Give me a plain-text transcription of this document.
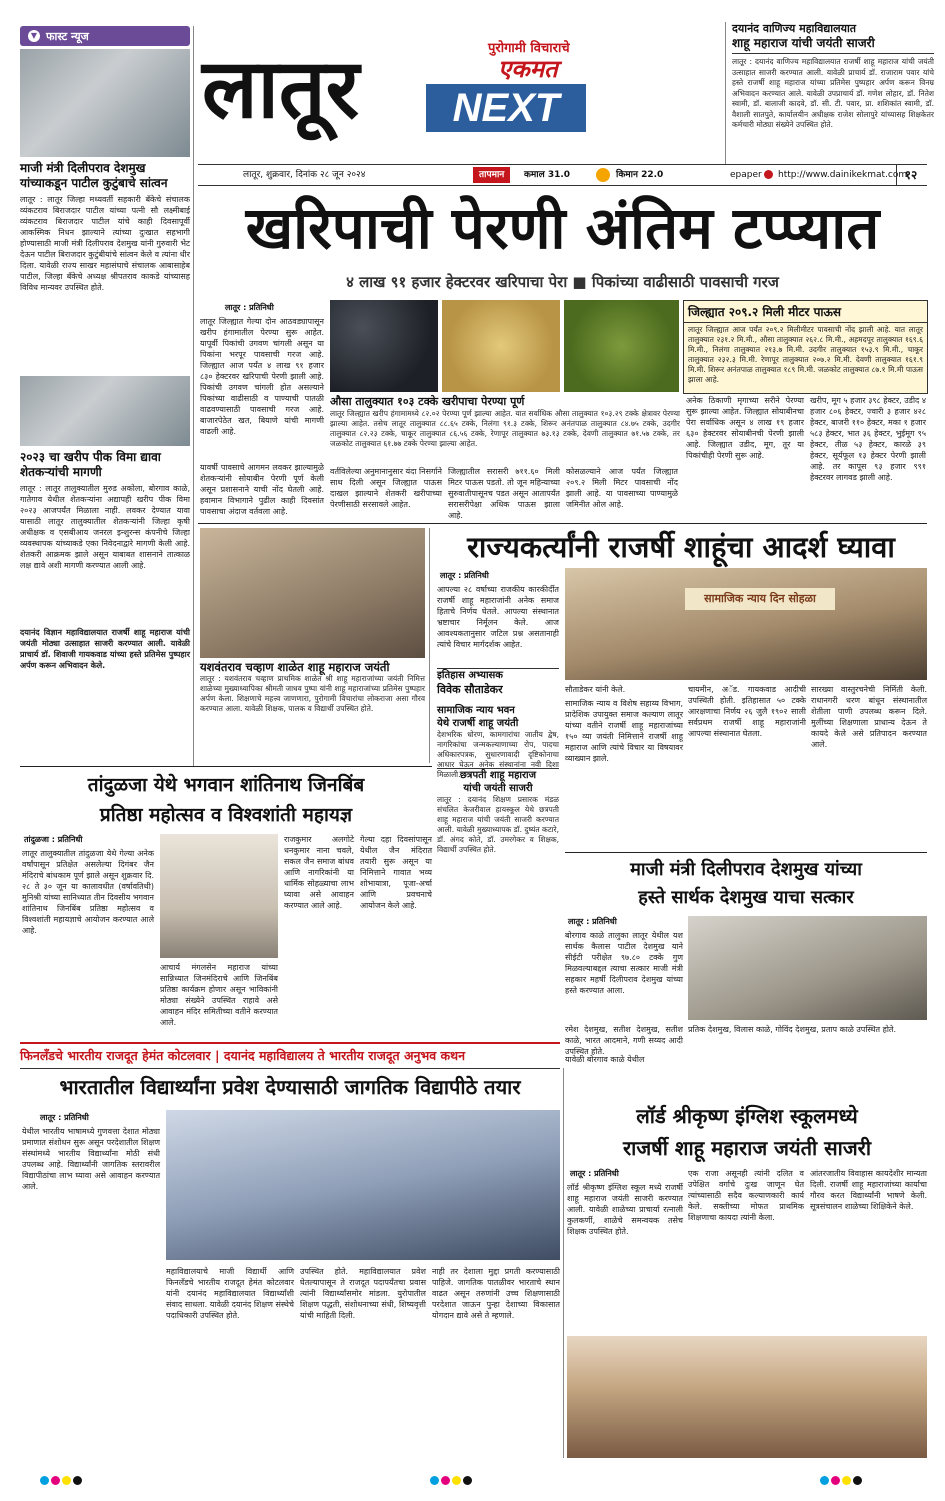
▼ फास्ट न्यूज
माजी मंत्री दिलीपराव देशमुख यांच्याकडून पाटील कुटुंबाचे सांत्वन
लातूर : लातूर जिल्हा मध्यवर्ती सहकारी बँकेचे संचालक व्यंकटराव बिराजदार पाटील यांच्या पत्नी सौ लक्ष्मीबाई व्यंकटराव बिराजदार पाटील यांचे काही दिवसापूर्वी आकस्मिक निधन झाल्याने त्यांच्या दुःखात सहभागी होण्यासाठी माजी मंत्री दिलीपराव देशमुख यांनी गुरुवारी भेट देऊन पाटील बिराजदार कुटुंबीयांचे सांत्वन केले व त्यांना धीर दिला. यावेळी राज्य साखर महासंघाचे संचालक आबासाहेब पाटील, जिल्हा बँकेचे अध्यक्ष श्रीपतराव काकडे यांच्यासह विविध मान्यवर उपस्थित होते.
२०२३ चा खरीप पीक विमा द्यावा शेतकऱ्यांची मागणी
लातूर : लातूर तालुक्यातील मुरुड अकोला, बोरगाव काळे, गातेगाव येथील शेतकऱ्यांना अद्यापही खरीप पीक विमा २०२३ आजपर्यंत मिळाला नाही. लवकर देण्यात यावा यासाठी लातूर तालुक्यातील शेतकऱ्यांनी जिल्हा कृषी अधीक्षक व एसबीआय जनरल इन्शुरन्स कंपनीचे जिल्हा व्यवस्थापक यांच्याकडे एका निवेदनाद्वारे मागणी केली आहे. शेतकरी आक्रमक झाले असून याबाबत शासनाने तात्काळ लक्ष द्यावे अशी मागणी करण्यात आली आहे.
दयानंद विज्ञान महाविद्यालयात राजर्षी शाहू महाराज यांची जयंती मोठ्या उत्साहात साजरी करण्यात आली. यावेळी प्राचार्य डॉ. शिवाजी गायकवाड यांच्या हस्ते प्रतिमेस पुष्पहार अर्पण करून अभिवादन केले.
लातूर	NEXT
पुरोगामी विचाराचे
एकमत
दयानंद वाणिज्य महाविद्यालयात
शाहू महाराज यांची जयंती साजरी
लातूर : दयानंद वाणिज्य महाविद्यालयात राजर्षी शाहू महाराज यांची जयंती उत्साहात साजरी करण्यात आली. यावेळी प्राचार्य डॉ. राजाराम पवार यांचे हस्ते राजर्षी शाहू महाराज यांच्या प्रतिमेस पुष्पहार अर्पण करून विनम्र अभिवादन करण्यात आले. यावेळी उपप्राचार्य डॉ. गणेश लोहार, डॉ. नितेश स्वामी, डॉ. बालाजी कादवे, डॉ. सी. टी. पवार, प्रा. शशिकांत स्वामी, डॉ. वैशाली सातपुते, कार्यालयीन अधीक्षक राजेश सोलापुरे यांच्यासह शिक्षकेतर कर्मचारी मोठ्या संख्येने उपस्थित होते.
लातूर, शुक्रवार, दिनांक २८ जून २०२४	तापमान	कमाल 31.0	किमान 22.0	epaper http://www.dainikekmat.com
१२
खरिपाची पेरणी अंतिम टप्प्यात
४ लाख ९१ हजार हेक्टरवर खरिपाचा पेरा ■ पिकांच्या वाढीसाठी पावसाची गरज
जिल्ह्यात २०९.२ मिली मीटर पाऊस
लातूर जिल्ह्यात आज पर्यंत २०९.२ मिलीमीटर पावसाची नोंद झाली आहे. यात लातूर तालुक्यात २३१.२ मि.मी., औसा तालुक्यात २६२.८ मि.मी., अहमदपूर तालुक्यात १६९.६ मि.मी., निलंगा तालुक्यात २१३.७ मि.मी. उदगीर तालुक्यात १५३.९ मि.मी., चाकूर तालुक्यात २३२.३ मि.मी. रेणापूर तालुक्यात २०७.२ मि.मी. देवणी तालुक्यात १६१.९ मि.मी. शिरूर अनंतपाळ तालुक्यात १८९ मि.मी. जळकोट तालुक्यात ८७.१ मि.मी पाऊस झाला आहे.
लातूर : प्रतिनिधी
लातूर जिल्ह्यात गेल्या दोन आठवड्यापासून खरीप हंगामातील पेरण्या सुरू आहेत. यापूर्वी पिकांची उगवण चांगली असून या पिकांना भरपूर पावसाची गरज आहे. जिल्ह्यात आज पर्यंत ४ लाख ९१ हजार ८३० हेक्टरवर खरिपाची पेरणी झाली आहे. पिकांची उगवण चांगली होत असल्याने पिकांच्या वाढीसाठी व पाण्याची पातळी वाढवण्यासाठी पावसाची गरज आहे. बाजारपेठेत खत, बियाणे यांची मागणी वाढली आहे.
यावर्षी पावसाचे आगमन लवकर झाल्यामुळे शेतकऱ्यांनी सोयाबीन पेरणी पूर्ण केली असून प्रशासनाने याची नोंद घेतली आहे. हवामान विभागाने पुढील काही दिवसांत पावसाचा अंदाज वर्तवला आहे.
औसा तालुक्यात १०३ टक्के खरीपाचा पेरण्या पूर्ण
लातूर जिल्ह्यात खरीप हंगामामध्ये ८२.०२ पेरण्या पूर्ण झाल्या आहेत. यात सर्वाधिक औसा तालुक्यात १०३.२९ टक्के क्षेत्रावर पेरण्या झाल्या आहेत. तसेच लातूर तालुक्यात ८८.६५ टक्के, निलंगा ९१.३ टक्के, शिरूर अनंतपाळ तालुक्यात ८४.७५ टक्के, उदगीर तालुक्यात ८२.२३ टक्के, चाकूर तालुक्यात ८६.५६ टक्के, रेणापूर तालुक्यात ७३.१३ टक्के, देवणी तालुक्यात ७१.५७ टक्के, तर जळकोट तालुक्यात ६१.७७ टक्के पेरण्या झाल्या आहेत.
वर्तविलेल्या अनुमानानुसार यंदा निसर्गाने साथ दिली असून जिल्ह्यात पाऊस दाखल झाल्याने शेतकरी खरीपाच्या पेरणीसाठी सरसावले आहेत.
जिल्ह्यातील सरासरी ७११.६० मिली मिटर पाऊस पडतो. तो जून महिन्याच्या सुरुवातीपासूनच पडत असून आतापर्यंत सरासरीपेक्षा अधिक पाऊस झाला आहे.
कोसळल्याने आज पर्यंत जिल्ह्यात २०९.२ मिली मिटर पावसाची नोंद झाली आहे. या पावसाच्या पाण्यामुळे जमिनीत ओल आहे.
अनेक ठिकाणी मृगाच्या सरीने पेरण्या सुरू झाल्या आहेत. जिल्ह्यात सोयाबीनचा पेरा सर्वाधिक असून ४ लाख १९ हजार ६३० हेक्टरवर सोयाबीनची पेरणी झाली आहे. जिल्ह्यात उडीद, मूग, तूर या पिकांचीही पेरणी सुरू आहे.
खरीप, मूग ५ हजार ३९८ हेक्टर, उडीद ४ हजार ८०६ हेक्टर, ज्वारी ३ हजार ४२८ हेक्टर, बाजरी ११० हेक्टर, मका १ हजार ५८३ हेक्टर, भात ३६ हेक्टर, भुईमूग ९५ हेक्टर, तीळ ५३ हेक्टर, कारळे ३९ हेक्टर, सूर्यफूल १३ हेक्टर पेरणी झाली आहे. तर कापूस ९३ हजार ९९१ हेक्टरवर लागवड झाली आहे.
यशवंतराव चव्हाण शाळेत शाहू महाराज जयंती
लातूर : यशवंतराव चव्हाण प्राथमिक शाळेत श्री शाहू महाराजांच्या जयंती निमित्त शाळेच्या मुख्याध्यापिका श्रीमती जाधव पुष्पा यांनी शाहू महाराजांच्या प्रतिमेस पुष्पहार अर्पण केला. शिक्षणाचे महत्त्व जाणणारा, पुरोगामी विचारांचा लोकराजा असा गौरव करण्यात आला. यावेळी शिक्षक, पालक व विद्यार्थी उपस्थित होते.
राज्यकर्त्यांनी राजर्षी शाहूंचा आदर्श घ्यावा
लातूर : प्रतिनिधी
आपल्या २८ वर्षाच्या राजकीय कारकीर्दीत राजर्षी शाहू महाराजांनी अनेक समाज हिताचे निर्णय घेतले. आपल्या संस्थानात भ्रष्टाचार निर्मूलन केले. आज आवश्यकतानुसार जटिल प्रश्न असतानाही त्यांचे विचार मार्गदर्शक आहेत.
इतिहास अभ्यासक
विवेक सौताडेकर
सामाजिक न्याय भवन
येथे राजर्षी शाहू जयंती
देशभरिक धोरण, कामगारांचा जातीय द्वेष, नागरिकांचा जन्मकल्याणाच्या रोप, पादचा अधिकारपत्रक, सुधारणावादी दृष्टिकोनाचा आधार घेऊन अनेक संस्थानांना नवी दिशा मिळाली.
सामाजिक न्याय दिन सोहळा
सौताडेकर यांनी केले.
सामाजिक न्याय व विशेष सहाय्य विभाग, प्रादेशिक उपायुक्त समाज कल्याण लातूर यांच्या वतीने राजर्षी शाहू महाराजांच्या १५० व्या जयंती निमित्ताने राजर्षी शाहू महाराज आणि त्यांचे विचार या विषयावर व्याख्यान झाले.
चायमीन, अॅड. गायकवाड आदीची उपस्थिती होती. इतिहासात ५० टक्के आरक्षणाचा निर्णय २६ जुलै १९०२ साली सर्वप्रथम राजर्षी शाहू महाराजांनी आपल्या संस्थानात घेतला.
सारख्या वास्तुरचनेची निर्मिती केली. राधानगरी धरण बांधून संस्थानातील शेतीला पाणी उपलब्ध करून दिले. मुलींच्या शिक्षणाला प्राधान्य देऊन ते कायदे केले असे प्रतिपादन करण्यात आले.
छत्रपती शाहू महाराज
यांची जयंती साजरी
लातूर : दयानंद शिक्षण प्रसारक मंडळ संचलित केजरीवाल हायस्कूल येथे छत्रपती शाहू महाराज यांची जयंती साजरी करण्यात आली. यावेळी मुख्याध्यापक डॉ. दुष्यंत कटारे, डॉ. अंगद कोते, डॉ. उमरगेकर व शिक्षक, विद्यार्थी उपस्थित होते.
तांदुळजा येथे भगवान शांतिनाथ जिनबिंब
प्रतिष्ठा महोत्सव व विश्वशांती महायज्ञ
तांदुळजा : प्रतिनिधी
लातूर तालुक्यातील तांदुळजा येथे गेल्या अनेक वर्षांपासून प्रतिक्षेत असलेल्या दिगंबर जैन मंदिराचे बांधकाम पूर्ण झाले असून शुक्रवार दि. २८ ते ३० जून या कालावधीत (वर्षावतिथी) मुनिश्री यांच्या सानिध्यात तीन दिवसीय भगवान शांतिनाथ जिनबिंब प्रतिष्ठा महोत्सव व विश्वशांती महायज्ञाचे आयोजन करण्यात आले आहे.
आचार्य मंगलसेन महाराज यांच्या सान्निध्यात जिनमंदिराचे आणि जिनबिंब प्रतिष्ठा कार्यक्रम होणार असून भाविकांनी मोठ्या संख्येने उपस्थित राहावे असे आवाहन मंदिर समितीच्या वतीने करण्यात आले.
राजकुमार अलगोटे धनकुमार नाना चवले, सकल जैन समाज बांधव आणि नागरिकांनी या धार्मिक सोहळ्याचा लाभ घ्यावा असे आवाहन करण्यात आले आहे.
गेल्या दहा दिवसांपासून येथील जैन मंदिरात तयारी सुरू असून या निमित्ताने गावात भव्य शोभायात्रा, पूजा-अर्चा आणि प्रवचनाचे आयोजन केले आहे.
माजी मंत्री दिलीपराव देशमुख यांच्या
हस्ते सार्थक देशमुख याचा सत्कार
लातूर : प्रतिनिधी
बोरगाव काळे तालुका लातूर येथील यश सार्थक कैलास पाटील देशमुख याने सीईटी परीक्षेत ९७.८० टक्के गुण मिळवल्याबद्दल त्याचा सत्कार माजी मंत्री सहकार महर्षी दिलीपराव देशमुख यांच्या हस्ते करण्यात आला.
रमेश देशमुख, सतीश देशमुख, सतीश काळे, भारत आदमाने, गणी सय्यद आदी उपस्थित होते.
प्रतिक देशमुख, विलास काळे, गोविंद देशमुख, प्रताप काळे उपस्थित होते.
यावेळी बोरगाव काळे येथील
फिनलँडचे भारतीय राजदूत हेमंत कोटलवार | दयानंद महाविद्यालय ते भारतीय राजदूत अनुभव कथन
भारतातील विद्यार्थ्यांना प्रवेश देण्यासाठी जागतिक विद्यापीठे तयार
लातूर : प्रतिनिधी
येथील भारतीय भाषामध्ये गुणवत्ता देशात मोठ्या प्रमाणात संशोधन सुरू असून परदेशातील शिक्षण संस्थांमध्ये भारतीय विद्यार्थ्यांना मोठी संधी उपलब्ध आहे. विद्यार्थ्यांनी जागतिक स्तरावरील विद्यापीठांचा लाभ घ्यावा असे आवाहन करण्यात आले.
महाविद्यालयाचे माजी विद्यार्थी आणि फिनलँडचे भारतीय राजदूत हेमंत कोटलवार यांनी दयानंद महाविद्यालयात विद्यार्थ्यांशी संवाद साधला. यावेळी दयानंद शिक्षण संस्थेचे पदाधिकारी उपस्थित होते.
उपस्थित होते. महाविद्यालयात प्रवेश घेतल्यापासून ते राजदूत पदापर्यंतचा प्रवास त्यांनी विद्यार्थ्यांसमोर मांडला. युरोपातील शिक्षण पद्धती, संशोधनाच्या संधी, शिष्यवृत्ती यांची माहिती दिली.
नाही तर देशाला मुद्दा प्रगती करण्यासाठी पाहिजे. जागतिक पातळीवर भारताचे स्थान वाढत असून तरुणांनी उच्च शिक्षणासाठी परदेशात जाऊन पुन्हा देशाच्या विकासात योगदान द्यावे असे ते म्हणाले.
लॉर्ड श्रीकृष्ण इंग्लिश स्कूलमध्ये
राजर्षी शाहू महाराज जयंती साजरी
लातूर : प्रतिनिधी
लॉर्ड श्रीकृष्ण इंग्लिश स्कूल मध्ये राजर्षी शाहू महाराज जयंती साजरी करण्यात आली. यावेळी शाळेच्या प्राचार्या रत्नाली कुलकर्णी, शाळेचे समन्वयक तसेच शिक्षक उपस्थित होते.
एक राजा असूनही त्यांनी दलित व उपेक्षित वर्गाचे दुःख जाणून घेत त्यांच्यासाठी सदैव कल्याणकारी कार्य केले. सक्तीच्या मोफत प्राथमिक शिक्षणाचा कायदा त्यांनी केला.
आंतरजातीय विवाहास कायदेशीर मान्यता दिली. राजर्षी शाहू महाराजांच्या कार्याचा गौरव करत विद्यार्थ्यांनी भाषणे केली. सूत्रसंचालन शाळेच्या शिक्षिकेने केले.
